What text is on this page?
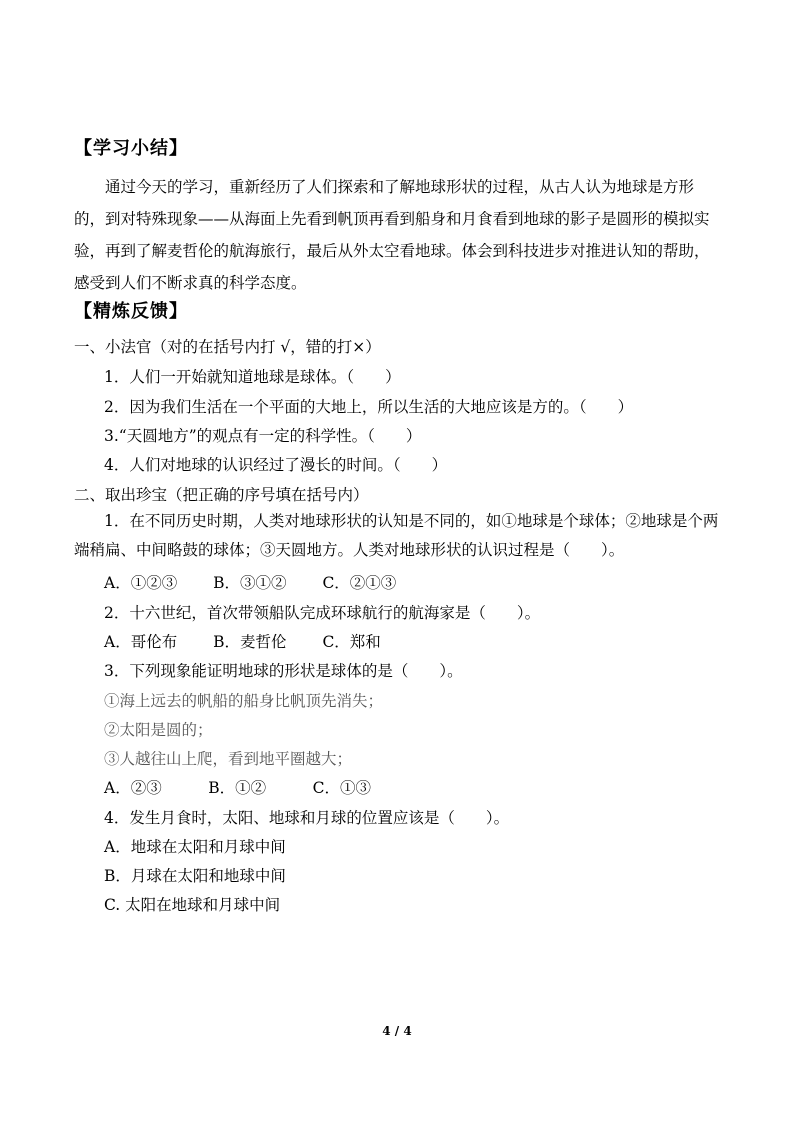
【学习小结】
通过今天的学习，重新经历了人们探索和了解地球形状的过程，从古人认为地球是方形的，到对特殊现象——从海面上先看到帆顶再看到船身和月食看到地球的影子是圆形的模拟实验，再到了解麦哲伦的航海旅行，最后从外太空看地球。体会到科技进步对推进认知的帮助，感受到人们不断求真的科学态度。
【精炼反馈】
一、小法官（对的在括号内打 √，错的打×）
1．人们一开始就知道地球是球体。（　　）
2．因为我们生活在一个平面的大地上，所以生活的大地应该是方的。（　　）
3.“天圆地方”的观点有一定的科学性。（　　）
4．人们对地球的认识经过了漫长的时间。（　　）
二、取出珍宝（把正确的序号填在括号内）
1．在不同历史时期，人类对地球形状的认知是不同的，如①地球是个球体；②地球是个两端稍扁、中间略鼓的球体；③天圆地方。人类对地球形状的认识过程是（　　）。
A．①②③　　 B．③①②　　 C．②①③
2．十六世纪，首次带领船队完成环球航行的航海家是（　　）。
A．哥伦布　　 B．麦哲伦　　 C．郑和
3．下列现象能证明地球的形状是球体的是（　　）。
①海上远去的帆船的船身比帆顶先消失；
②太阳是圆的；
③人越往山上爬，看到地平圈越大；
A．②③　　　B．①②　　　C．①③
4．发生月食时，太阳、地球和月球的位置应该是（　　）。
A．地球在太阳和月球中间
B．月球在太阳和地球中间
C. 太阳在地球和月球中间
4 / 4
